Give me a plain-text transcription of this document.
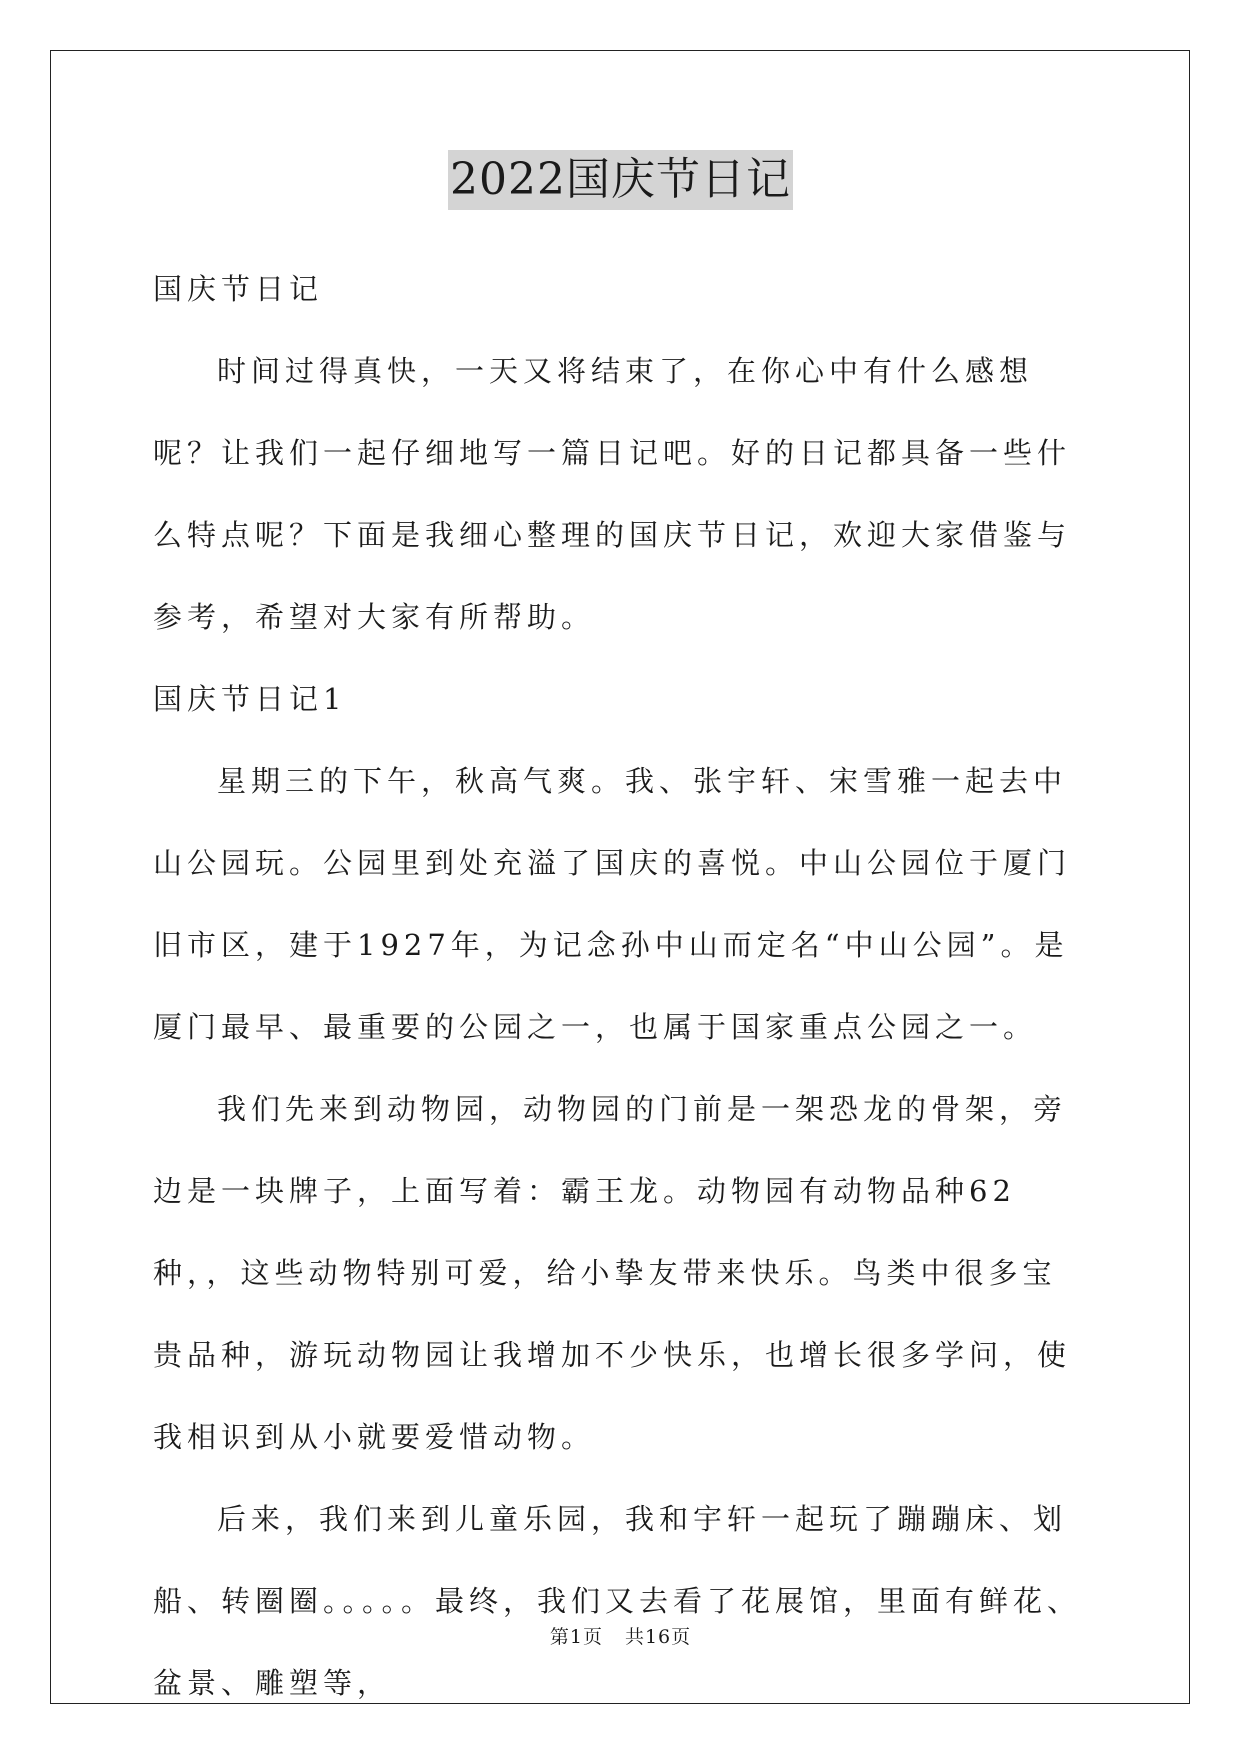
2022国庆节日记

国庆节日记

时间过得真快，一天又将结束了，在你心中有什么感想呢？让我们一起仔细地写一篇日记吧。好的日记都具备一些什么特点呢？下面是我细心整理的国庆节日记，欢迎大家借鉴与参考，希望对大家有所帮助。

国庆节日记1

星期三的下午，秋高气爽。我、张宇轩、宋雪雅一起去中山公园玩。公园里到处充溢了国庆的喜悦。中山公园位于厦门旧市区，建于1927年，为记念孙中山而定名“中山公园”。是厦门最早、最重要的公园之一，也属于国家重点公园之一。

我们先来到动物园，动物园的门前是一架恐龙的骨架，旁边是一块牌子，上面写着：霸王龙。动物园有动物品种62种，，这些动物特别可爱，给小挚友带来快乐。鸟类中很多宝贵品种，游玩动物园让我增加不少快乐，也增长很多学问，使我相识到从小就要爱惜动物。

后来，我们来到儿童乐园，我和宇轩一起玩了蹦蹦床、划船、转圈圈。。。。。最终，我们又去看了花展馆，里面有鲜花、盆景、雕塑等，

第1页 共16页
